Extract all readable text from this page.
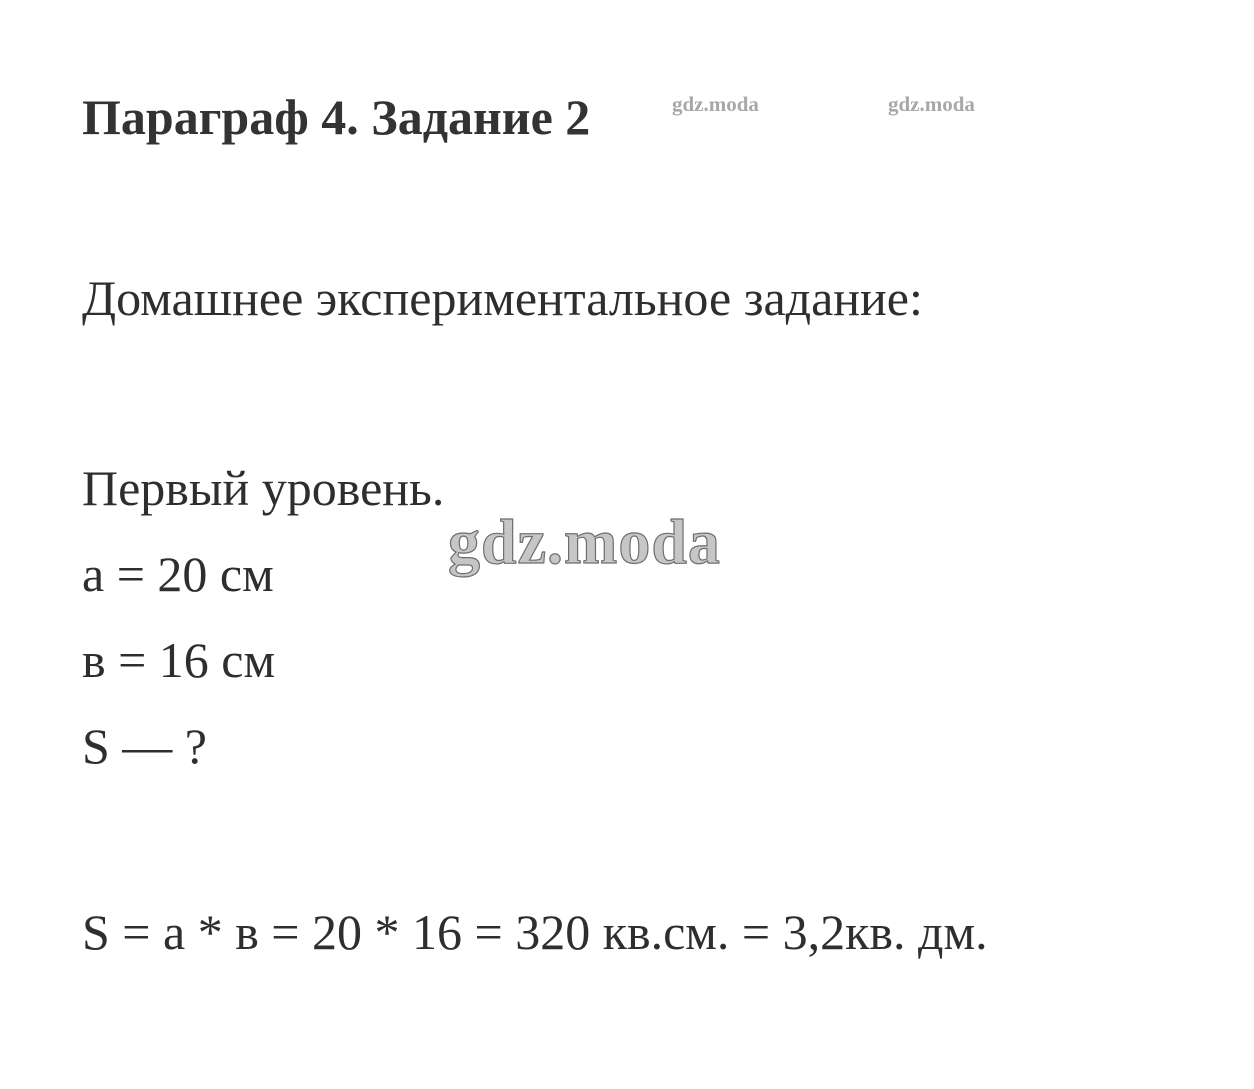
Параграф 4. Задание 2	gdz.moda	gdz.moda
Домашнее экспериментальное задание:
Первый уровень.
gdz.moda
а = 20 см
в = 16 см
S — ?
S = а * в = 20 * 16 = 320 кв.см. = 3,2кв. дм.
